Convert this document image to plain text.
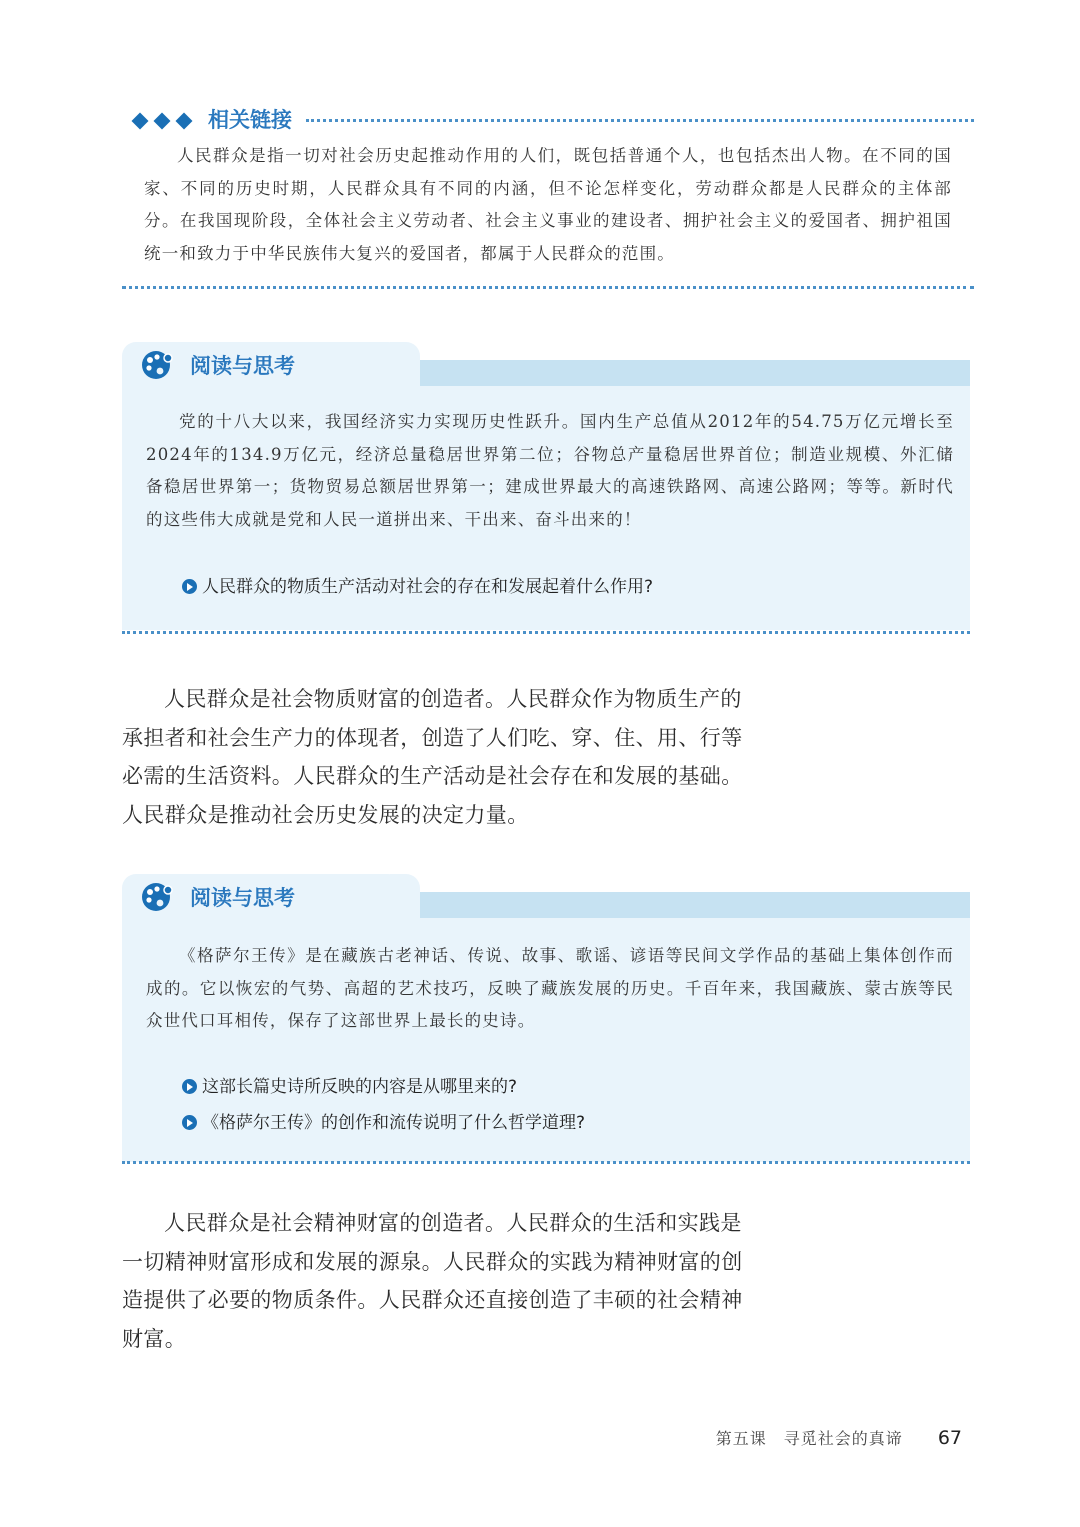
相关链接

人民群众是指一切对社会历史起推动作用的人们，既包括普通个人，也包括杰出人物。在不同的国家、不同的历史时期，人民群众具有不同的内涵，但不论怎样变化，劳动群众都是人民群众的主体部分。在我国现阶段，全体社会主义劳动者、社会主义事业的建设者、拥护社会主义的爱国者、拥护祖国统一和致力于中华民族伟大复兴的爱国者，都属于人民群众的范围。

阅读与思考

党的十八大以来，我国经济实力实现历史性跃升。国内生产总值从2012年的54.75万亿元增长至2024年的134.9万亿元，经济总量稳居世界第二位；谷物总产量稳居世界首位；制造业规模、外汇储备稳居世界第一；货物贸易总额居世界第一；建成世界最大的高速铁路网、高速公路网；等等。新时代的这些伟大成就是党和人民一道拼出来、干出来、奋斗出来的！

人民群众的物质生产活动对社会的存在和发展起着什么作用?

人民群众是社会物质财富的创造者。人民群众作为物质生产的承担者和社会生产力的体现者，创造了人们吃、穿、住、用、行等必需的生活资料。人民群众的生产活动是社会存在和发展的基础。人民群众是推动社会历史发展的决定力量。

阅读与思考

《格萨尔王传》是在藏族古老神话、传说、故事、歌谣、谚语等民间文学作品的基础上集体创作而成的。它以恢宏的气势、高超的艺术技巧，反映了藏族发展的历史。千百年来，我国藏族、蒙古族等民众世代口耳相传，保存了这部世界上最长的史诗。

这部长篇史诗所反映的内容是从哪里来的?
《格萨尔王传》的创作和流传说明了什么哲学道理?

人民群众是社会精神财富的创造者。人民群众的生活和实践是一切精神财富形成和发展的源泉。人民群众的实践为精神财富的创造提供了必要的物质条件。人民群众还直接创造了丰硕的社会精神财富。

第五课　寻觅社会的真谛 67
